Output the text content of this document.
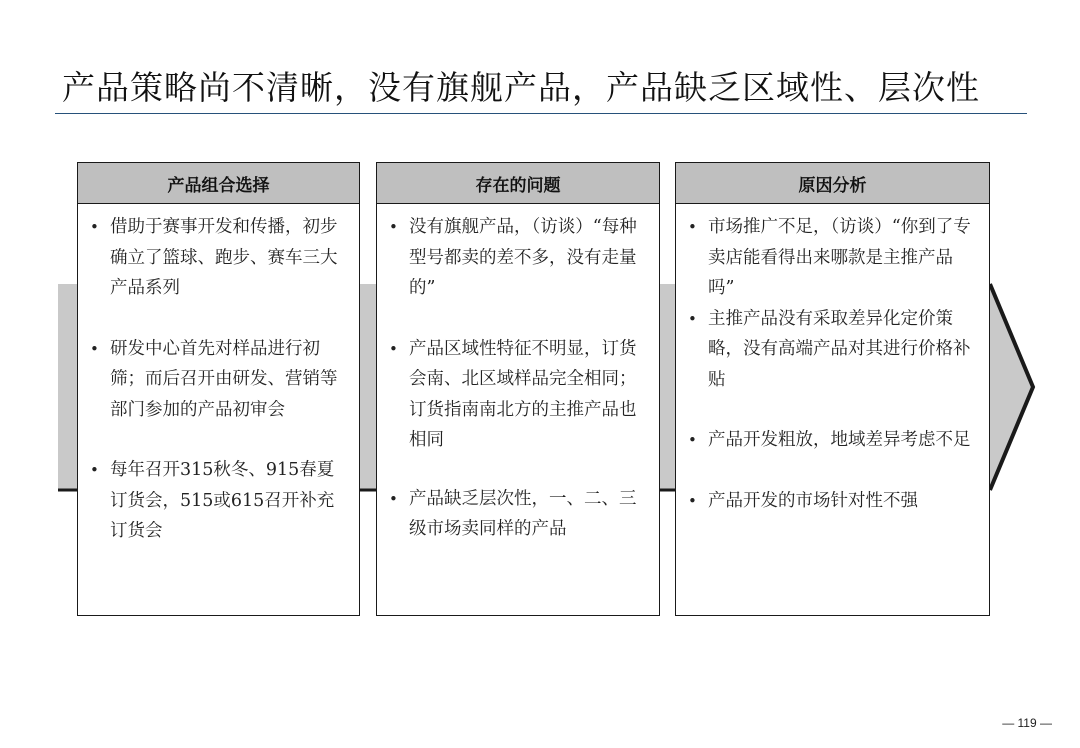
产品策略尚不清晰，没有旗舰产品，产品缺乏区域性、层次性
产品组合选择
• 借助于赛事开发和传播，初步确立了篮球、跑步、赛车三大产品系列
• 研发中心首先对样品进行初筛；而后召开由研发、营销等部门参加的产品初审会
• 每年召开315秋冬、915春夏订货会，515或615召开补充订货会
存在的问题
• 没有旗舰产品，（访谈）“每种型号都卖的差不多，没有走量的”
• 产品区域性特征不明显，订货会南、北区域样品完全相同；订货指南南北方的主推产品也相同
• 产品缺乏层次性，一、二、三级市场卖同样的产品
原因分析
• 市场推广不足，（访谈）“你到了专卖店能看得出来哪款是主推产品吗”
• 主推产品没有采取差异化定价策略，没有高端产品对其进行价格补贴
• 产品开发粗放，地域差异考虑不足
• 产品开发的市场针对性不强
— 119 —
